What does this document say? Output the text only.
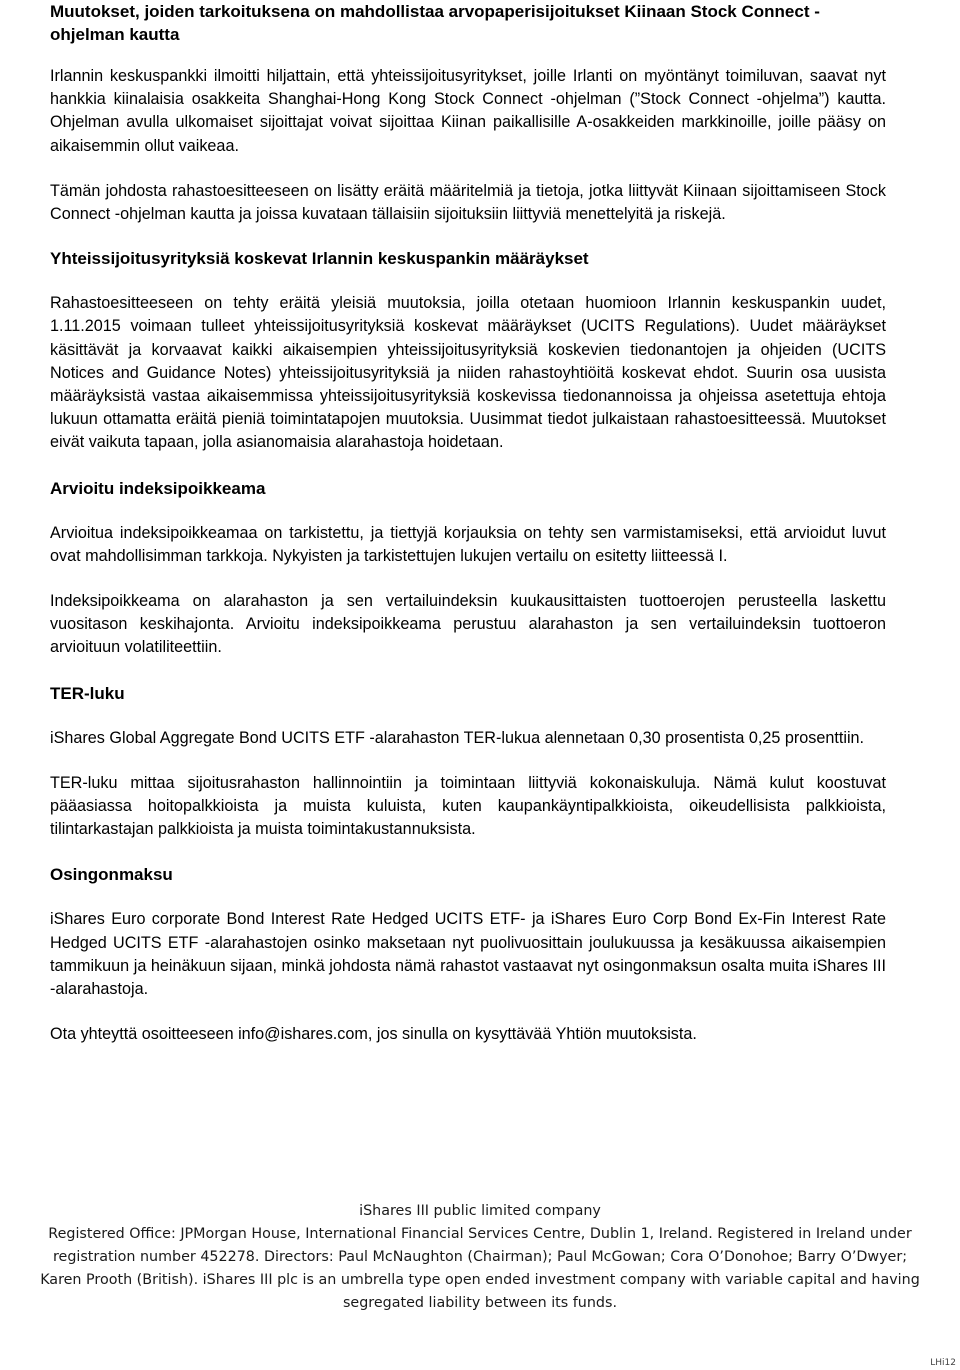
Muutokset, joiden tarkoituksena on mahdollistaa arvopaperisijoitukset Kiinaan Stock Connect -ohjelman kautta

Irlannin keskuspankki ilmoitti hiljattain, että yhteissijoitusyritykset, joille Irlanti on myöntänyt toimiluvan, saavat nyt hankkia kiinalaisia osakkeita Shanghai-Hong Kong Stock Connect -ohjelman (”Stock Connect -ohjelma”) kautta. Ohjelman avulla ulkomaiset sijoittajat voivat sijoittaa Kiinan paikallisille A-osakkeiden markkinoille, joille pääsy on aikaisemmin ollut vaikeaa.

Tämän johdosta rahastoesitteeseen on lisätty eräitä määritelmiä ja tietoja, jotka liittyvät Kiinaan sijoittamiseen Stock Connect -ohjelman kautta ja joissa kuvataan tällaisiin sijoituksiin liittyviä menettelyitä ja riskejä.

Yhteissijoitusyrityksiä koskevat Irlannin keskuspankin määräykset

Rahastoesitteeseen on tehty eräitä yleisiä muutoksia, joilla otetaan huomioon Irlannin keskuspankin uudet, 1.11.2015 voimaan tulleet yhteissijoitusyrityksiä koskevat määräykset (UCITS Regulations). Uudet määräykset käsittävät ja korvaavat kaikki aikaisempien yhteissijoitusyrityksiä koskevien tiedonantojen ja ohjeiden (UCITS Notices and Guidance Notes) yhteissijoitusyrityksiä ja niiden rahastoyhtiöitä koskevat ehdot. Suurin osa uusista määräyksistä vastaa aikaisemmissa yhteissijoitusyrityksiä koskevissa tiedonannoissa ja ohjeissa asetettuja ehtoja lukuun ottamatta eräitä pieniä toimintatapojen muutoksia. Uusimmat tiedot julkaistaan rahastoesitteessä. Muutokset eivät vaikuta tapaan, jolla asianomaisia alarahastoja hoidetaan.

Arvioitu indeksipoikkeama

Arvioitua indeksipoikkeamaa on tarkistettu, ja tiettyjä korjauksia on tehty sen varmistamiseksi, että arvioidut luvut ovat mahdollisimman tarkkoja. Nykyisten ja tarkistettujen lukujen vertailu on esitetty liitteessä I.

Indeksipoikkeama on alarahaston ja sen vertailuindeksin kuukausittaisten tuottoerojen perusteella laskettu vuositason keskihajonta. Arvioitu indeksipoikkeama perustuu alarahaston ja sen vertailuindeksin tuottoeron arvioituun volatiliteettiin.

TER-luku

iShares Global Aggregate Bond UCITS ETF -alarahaston TER-lukua alennetaan 0,30 prosentista 0,25 prosenttiin.

TER-luku mittaa sijoitusrahaston hallinnointiin ja toimintaan liittyviä kokonaiskuluja. Nämä kulut koostuvat pääasiassa hoitopalkkioista ja muista kuluista, kuten kaupankäyntipalkkioista, oikeudellisista palkkioista, tilintarkastajan palkkioista ja muista toimintakustannuksista.

Osingonmaksu

iShares Euro corporate Bond Interest Rate Hedged UCITS ETF- ja iShares Euro Corp Bond Ex-Fin Interest Rate Hedged UCITS ETF -alarahastojen osinko maksetaan nyt puolivuosittain joulukuussa ja kesäkuussa aikaisempien tammikuun ja heinäkuun sijaan, minkä johdosta nämä rahastot vastaavat nyt osingonmaksun osalta muita iShares III -alarahastoja.

Ota yhteyttä osoitteeseen info@ishares.com, jos sinulla on kysyttävää Yhtiön muutoksista.

iShares III public limited company
Registered Office: JPMorgan House, International Financial Services Centre, Dublin 1, Ireland. Registered in Ireland under
registration number 452278. Directors: Paul McNaughton (Chairman); Paul McGowan; Cora O’Donohoe; Barry O’Dwyer;
Karen Prooth (British). iShares III plc is an umbrella type open ended investment company with variable capital and having
segregated liability between its funds.
LHi12
